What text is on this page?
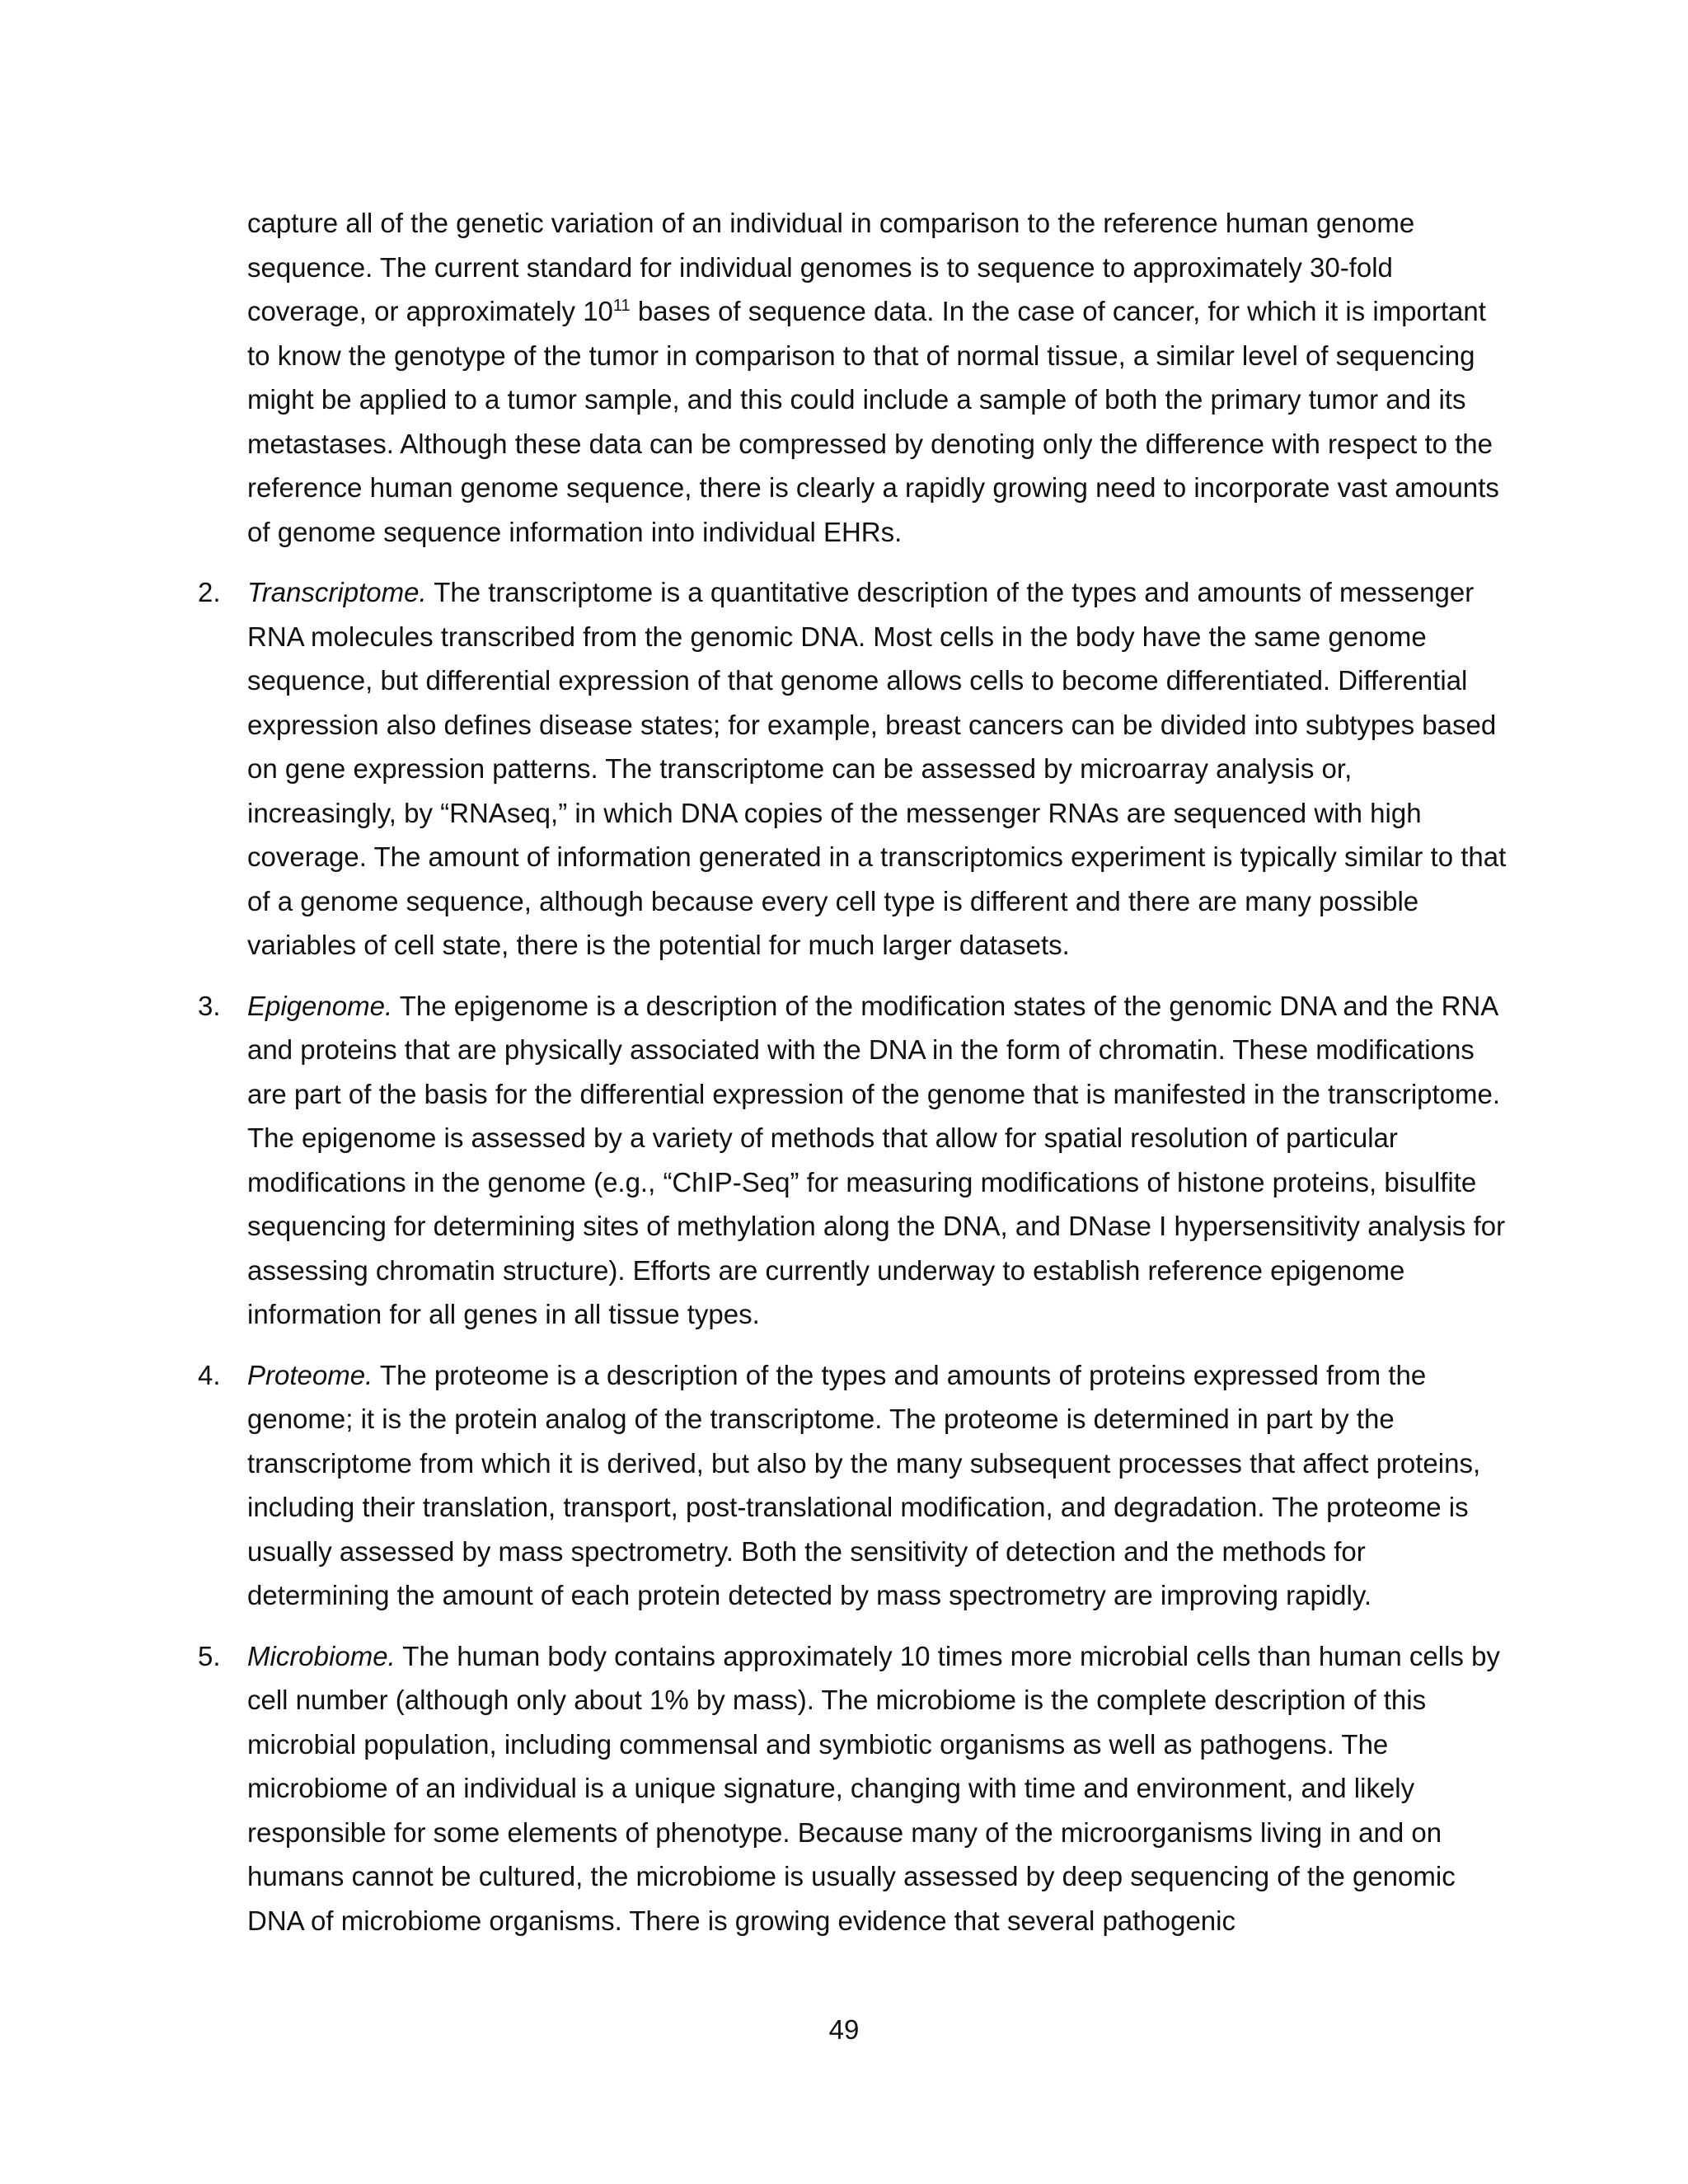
capture all of the genetic variation of an individual in comparison to the reference human genome sequence. The current standard for individual genomes is to sequence to approximately 30-fold coverage, or approximately $10^{11}$ bases of sequence data. In the case of cancer, for which it is important to know the genotype of the tumor in comparison to that of normal tissue, a similar level of sequencing might be applied to a tumor sample, and this could include a sample of both the primary tumor and its metastases. Although these data can be compressed by denoting only the difference with respect to the reference human genome sequence, there is clearly a rapidly growing need to incorporate vast amounts of genome sequence information into individual EHRs.

2. Transcriptome. The transcriptome is a quantitative description of the types and amounts of messenger RNA molecules transcribed from the genomic DNA. Most cells in the body have the same genome sequence, but differential expression of that genome allows cells to become differentiated. Differential expression also defines disease states; for example, breast cancers can be divided into subtypes based on gene expression patterns. The transcriptome can be assessed by microarray analysis or, increasingly, by “RNAseq,” in which DNA copies of the messenger RNAs are sequenced with high coverage. The amount of information generated in a transcriptomics experiment is typically similar to that of a genome sequence, although because every cell type is different and there are many possible variables of cell state, there is the potential for much larger datasets.

3. Epigenome. The epigenome is a description of the modification states of the genomic DNA and the RNA and proteins that are physically associated with the DNA in the form of chromatin. These modifications are part of the basis for the differential expression of the genome that is manifested in the transcriptome. The epigenome is assessed by a variety of methods that allow for spatial resolution of particular modifications in the genome (e.g., “ChIP-Seq” for measuring modifications of histone proteins, bisulfite sequencing for determining sites of methylation along the DNA, and DNase I hypersensitivity analysis for assessing chromatin structure). Efforts are currently underway to establish reference epigenome information for all genes in all tissue types.

4. Proteome. The proteome is a description of the types and amounts of proteins expressed from the genome; it is the protein analog of the transcriptome. The proteome is determined in part by the transcriptome from which it is derived, but also by the many subsequent processes that affect proteins, including their translation, transport, post-translational modification, and degradation. The proteome is usually assessed by mass spectrometry. Both the sensitivity of detection and the methods for determining the amount of each protein detected by mass spectrometry are improving rapidly.

5. Microbiome. The human body contains approximately 10 times more microbial cells than human cells by cell number (although only about 1% by mass). The microbiome is the complete description of this microbial population, including commensal and symbiotic organisms as well as pathogens. The microbiome of an individual is a unique signature, changing with time and environment, and likely responsible for some elements of phenotype. Because many of the microorganisms living in and on humans cannot be cultured, the microbiome is usually assessed by deep sequencing of the genomic DNA of microbiome organisms. There is growing evidence that several pathogenic

49
